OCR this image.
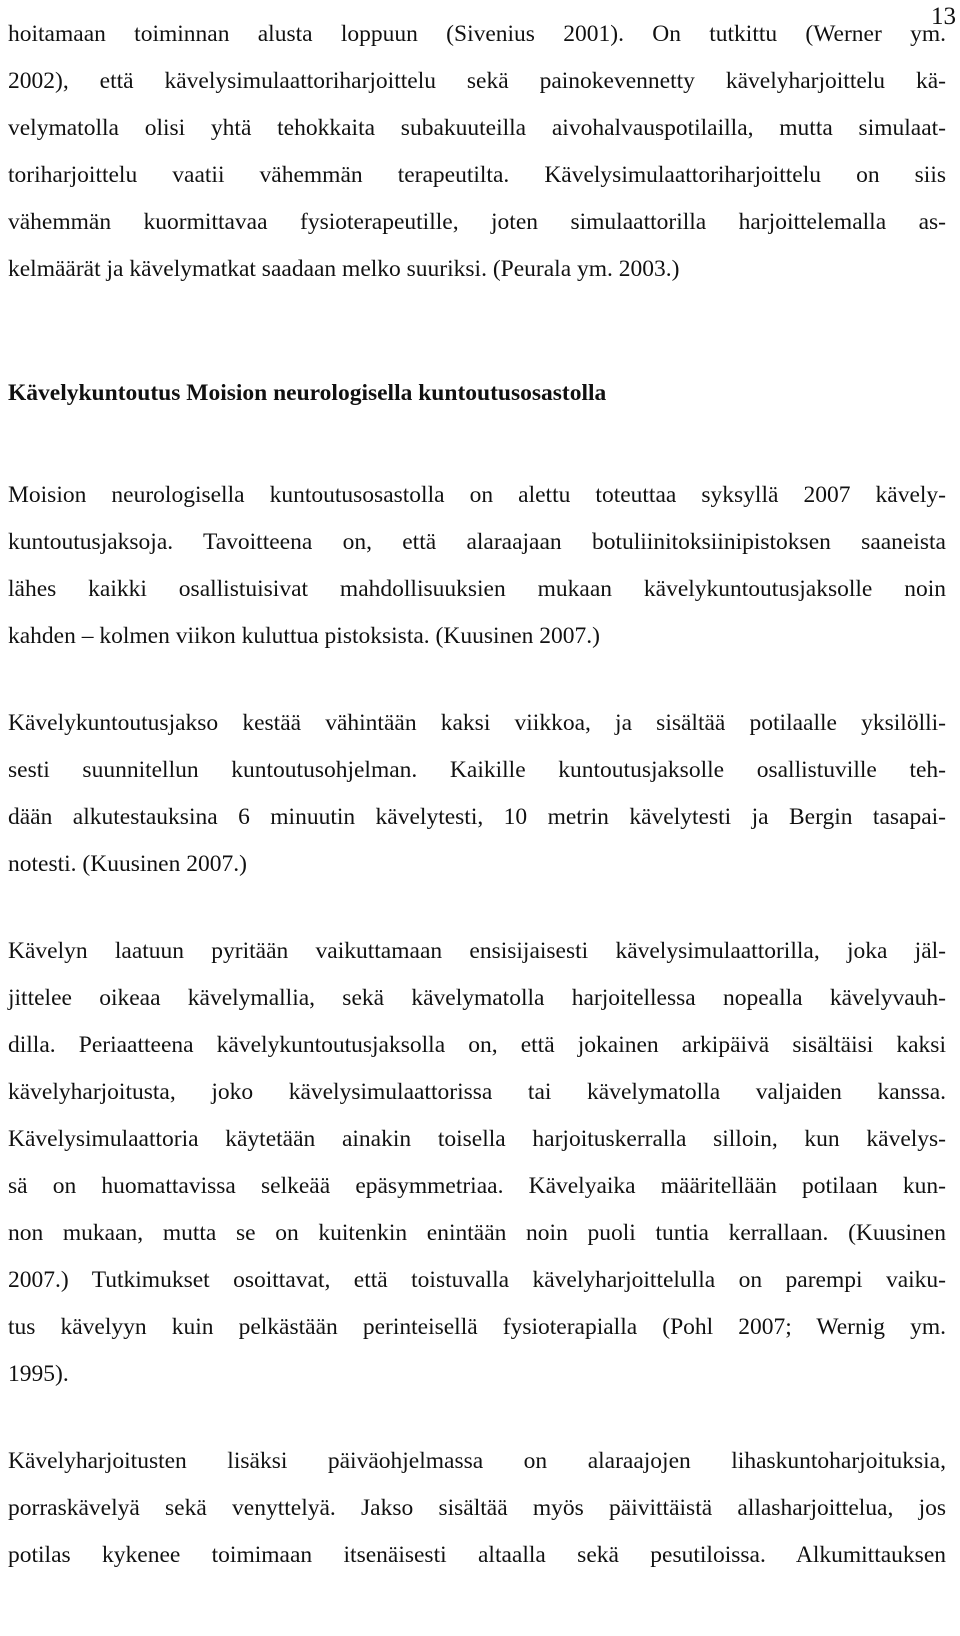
13
hoitamaan toiminnan alusta loppuun (Sivenius 2001). On tutkittu (Werner ym.
2002), että kävelysimulaattoriharjoittelu sekä painokevennetty kävelyharjoittelu kä-
velymatolla olisi yhtä tehokkaita subakuuteilla aivohalvauspotilailla, mutta simulaat-
toriharjoittelu vaatii vähemmän terapeutilta. Kävelysimulaattoriharjoittelu on siis
vähemmän kuormittavaa fysioterapeutille, joten simulaattorilla harjoittelemalla as-
kelmäärät ja kävelymatkat saadaan melko suuriksi. (Peurala ym. 2003.)
Kävelykuntoutus Moision neurologisella kuntoutusosastolla
Moision neurologisella kuntoutusosastolla on alettu toteuttaa syksyllä 2007 kävely-
kuntoutusjaksoja. Tavoitteena on, että alaraajaan botuliinitoksiinipistoksen saaneista
lähes kaikki osallistuisivat mahdollisuuksien mukaan kävelykuntoutusjaksolle noin
kahden – kolmen viikon kuluttua pistoksista. (Kuusinen 2007.)
Kävelykuntoutusjakso kestää vähintään kaksi viikkoa, ja sisältää potilaalle yksilölli-
sesti suunnitellun kuntoutusohjelman. Kaikille kuntoutusjaksolle osallistuville teh-
dään alkutestauksina 6 minuutin kävelytesti, 10 metrin kävelytesti ja Bergin tasapai-
notesti. (Kuusinen 2007.)
Kävelyn laatuun pyritään vaikuttamaan ensisijaisesti kävelysimulaattorilla, joka jäl-
jittelee oikeaa kävelymallia, sekä kävelymatolla harjoitellessa nopealla kävelyvauh-
dilla. Periaatteena kävelykuntoutusjaksolla on, että jokainen arkipäivä sisältäisi kaksi
kävelyharjoitusta, joko kävelysimulaattorissa tai kävelymatolla valjaiden kanssa.
Kävelysimulaattoria käytetään ainakin toisella harjoituskerralla silloin, kun kävelys-
sä on huomattavissa selkeää epäsymmetriaa. Kävelyaika määritellään potilaan kun-
non mukaan, mutta se on kuitenkin enintään noin puoli tuntia kerrallaan. (Kuusinen
2007.) Tutkimukset osoittavat, että toistuvalla kävelyharjoittelulla on parempi vaiku-
tus kävelyyn kuin pelkästään perinteisellä fysioterapialla (Pohl 2007; Wernig ym.
1995).
Kävelyharjoitusten lisäksi päiväohjelmassa on alaraajojen lihaskuntoharjoituksia,
porraskävelyä sekä venyttelyä. Jakso sisältää myös päivittäistä allasharjoittelua, jos
potilas kykenee toimimaan itsenäisesti altaalla sekä pesutiloissa. Alkumittauksen
